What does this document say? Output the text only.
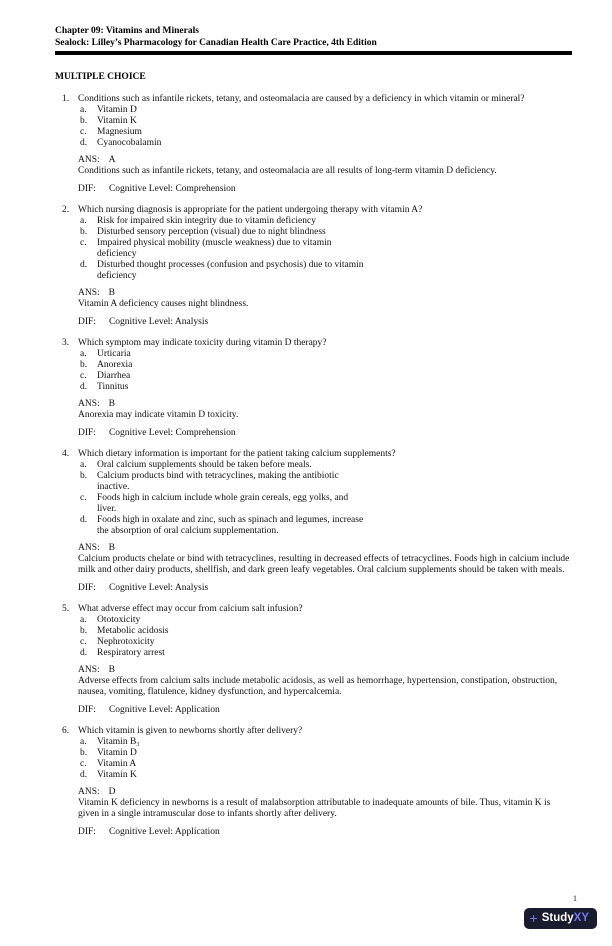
Chapter 09: Vitamins and Minerals
Sealock: Lilley’s Pharmacology for Canadian Health Care Practice, 4th Edition
MULTIPLE CHOICE
1. Conditions such as infantile rickets, tetany, and osteomalacia are caused by a deficiency in which vitamin or mineral?
a.	Vitamin D
b.	Vitamin K
c.	Magnesium
d.	Cyanocobalamin
ANS: A
Conditions such as infantile rickets, tetany, and osteomalacia are all results of long-term vitamin D deficiency.
DIF: Cognitive Level: Comprehension
2. Which nursing diagnosis is appropriate for the patient undergoing therapy with vitamin A?
a.	Risk for impaired skin integrity due to vitamin deficiency
b.	Disturbed sensory perception (visual) due to night blindness
c.	Impaired physical mobility (muscle weakness) due to vitamin deficiency
d.	Disturbed thought processes (confusion and psychosis) due to vitamin deficiency
ANS: B
Vitamin A deficiency causes night blindness.
DIF: Cognitive Level: Analysis
3. Which symptom may indicate toxicity during vitamin D therapy?
a.	Urticaria
b.	Anorexia
c.	Diarrhea
d.	Tinnitus
ANS: B
Anorexia may indicate vitamin D toxicity.
DIF: Cognitive Level: Comprehension
4. Which dietary information is important for the patient taking calcium supplements?
a.	Oral calcium supplements should be taken before meals.
b.	Calcium products bind with tetracyclines, making the antibiotic inactive.
c.	Foods high in calcium include whole grain cereals, egg yolks, and liver.
d.	Foods high in oxalate and zinc, such as spinach and legumes, increase the absorption of oral calcium supplementation.
ANS: B
Calcium products chelate or bind with tetracyclines, resulting in decreased effects of tetracyclines. Foods high in calcium include milk and other dairy products, shellfish, and dark green leafy vegetables. Oral calcium supplements should be taken with meals.
DIF: Cognitive Level: Analysis
5. What adverse effect may occur from calcium salt infusion?
a.	Ototoxicity
b.	Metabolic acidosis
c.	Nephrotoxicity
d.	Respiratory arrest
ANS: B
Adverse effects from calcium salts include metabolic acidosis, as well as hemorrhage, hypertension, constipation, obstruction, nausea, vomiting, flatulence, kidney dysfunction, and hypercalcemia.
DIF: Cognitive Level: Application
6. Which vitamin is given to newborns shortly after delivery?
a.	Vitamin B₃
b.	Vitamin D
c.	Vitamin A
d.	Vitamin K
ANS: D
Vitamin K deficiency in newborns is a result of malabsorption attributable to inadequate amounts of bile. Thus, vitamin K is given in a single intramuscular dose to infants shortly after delivery.
DIF: Cognitive Level: Application
1
+ Study XY
